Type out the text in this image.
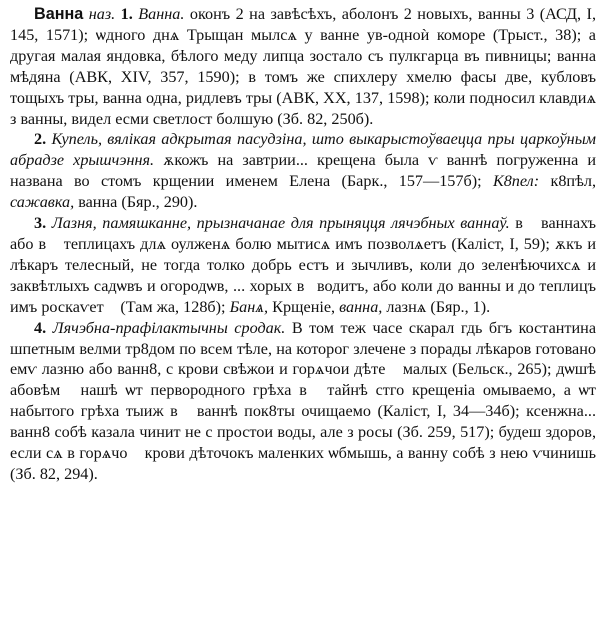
Ванна наз. 1. Ванна. оконъ 2 на завѣсѣхъ, аболонъ 2 новыхъ, ванны 3 (АСД, I, 145, 1571); ѡдного днѧ Трыщан мылсѧ у ванне ув-одноѝ коморе (Трыст., 38); а другая малая яндовка, бѣлого меду липца зостало съ пулкгарца въ пивницы; ванна мѣдяна (АВК, XIV, 357, 1590); в томъ же спихлеру хмелю фасы две, кубловъ тощыхъ тры, ванна одна, ридлевъ тры (АВК, XX, 137, 1598); коли подносил клавдиѧ з ванны, видел есми светлост болшую (Зб. 82, 250б).

2. Купель, вялікая адкрытая пасудзіна, што выкарыстоўваецца пры царкоўным абрадзе хрышчэння. ѫкожъ на завтрии... крещена была ѵ ваннѣ погруженна и названа во стомъ крщении именем Елена (Барк., 157—157б); К8пел: к8пѣл, сажавка, ванна (Бяр., 290).

3. Лазня, памяшканне, прызначанае для прыняцця лячэбных ваннаў. вⷡ ваннахъ або вⷡ теплицахъ длѧ оулженѧ болю мытисѧ имъ позволѧетъ (Каліст, I, 59); ѫкъ и лѣкаръ телесный, не тогда толко добрь естъ и зычливъ, коли до зеленѣючихсѧ и заквѣтлыхъ садѡвъ и огородѡв, ... хорых вⷡводитъ, або коли до ванны и до теплицъ имъ роскаѵетⷭ (Там жа, 128б); Банѧ, Крщеніе, ванна, лазнѧ (Бяр., 1).

4. Лячэбна-прафілактычны сродак. В том теж часе скарал гдь бгъ костантина шпетным велми тр8дом по всем тѣле, на которог злечене з порады лѣкаров готовано емѵ лазню або ванн8, с крови свѣжои и горѧчои дѣтеⷭ малых (Бельск., 265); дѡшѣ абовѣмⷭ нашѣ ѡт первородного грѣха вⷡ тайнѣ стго крещеніа омываемо, а ѡт набытого грѣха тыиж вⷡ ваннѣ пок8ты очищаемо (Каліст, I, 34—34б); ксенжна... ванн8 собѣ казала чинит не с простои воды, але з росы (Зб. 259, 517); будеш здоров, если сѧ в горѧчоⷭ крови дѣточокъ маленких ѡбмышь, а ванну собѣ з нею ѵчинишь (Зб. 82, 294).
